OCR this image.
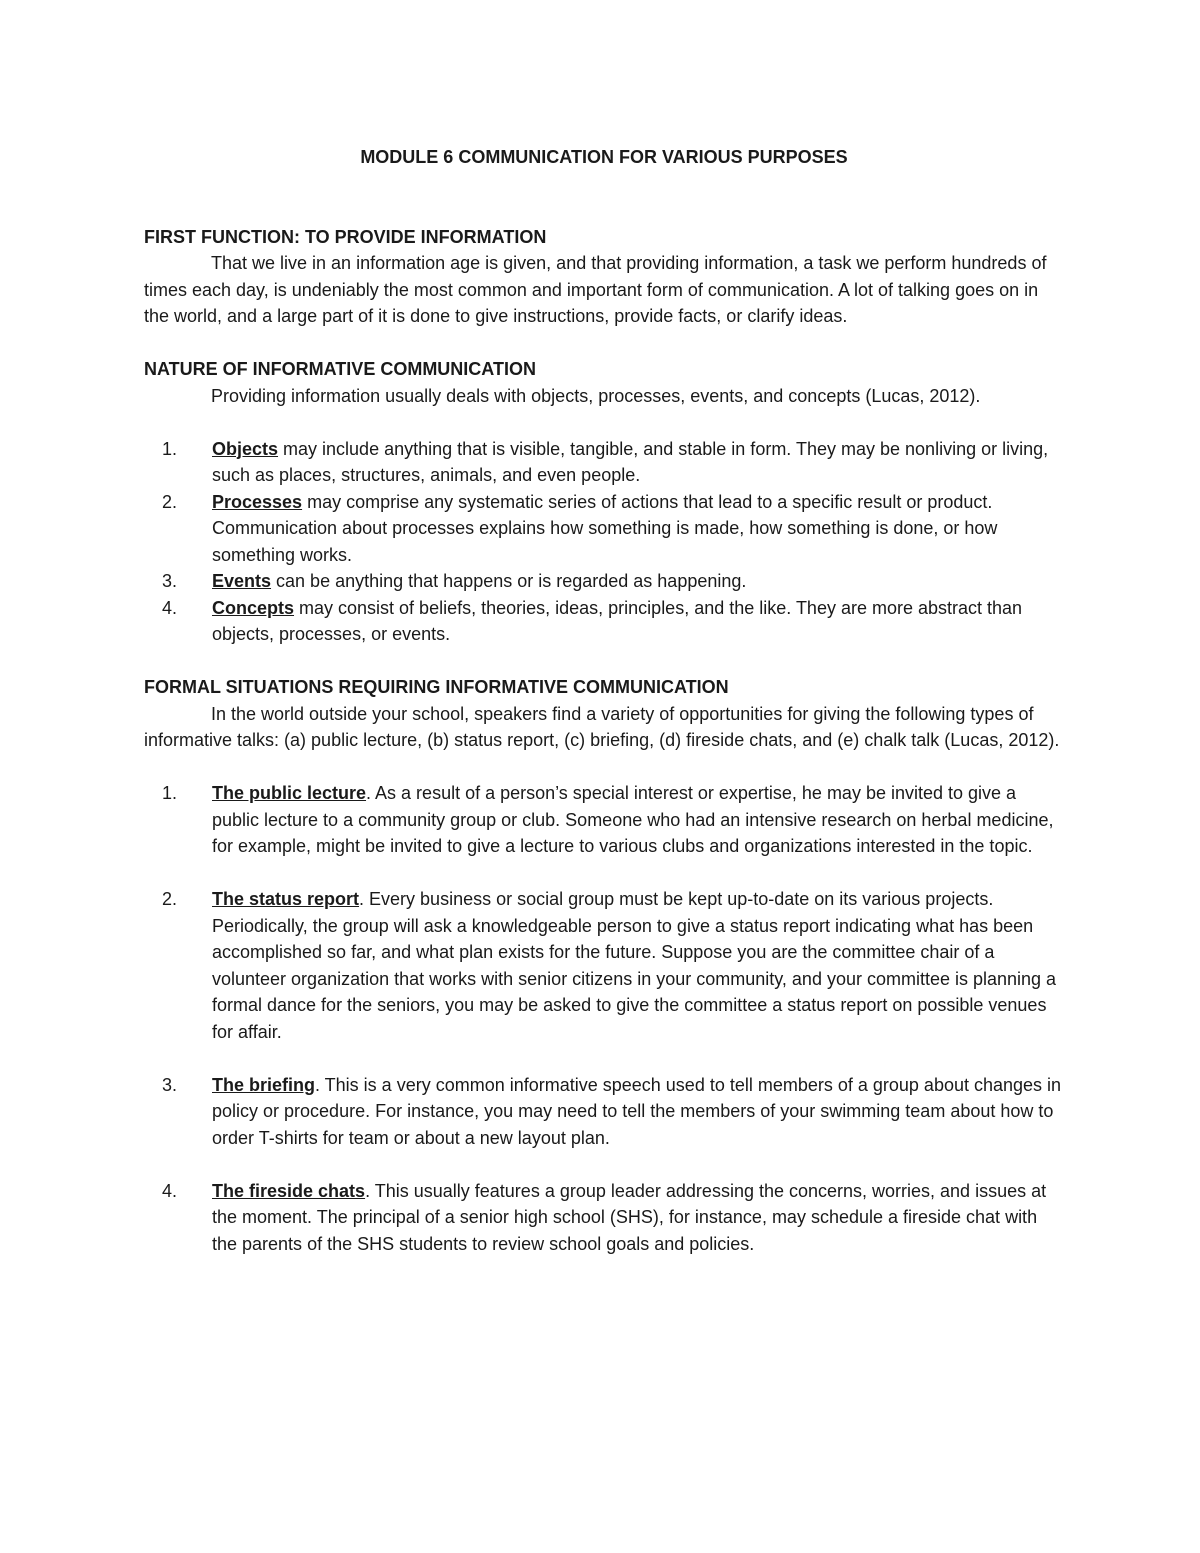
MODULE 6 COMMUNICATION FOR VARIOUS PURPOSES

FIRST FUNCTION: TO PROVIDE INFORMATION

That we live in an information age is given, and that providing information, a task we perform hundreds of times each day, is undeniably the most common and important form of communication. A lot of talking goes on in the world, and a large part of it is done to give instructions, provide facts, or clarify ideas.

NATURE OF INFORMATIVE COMMUNICATION

Providing information usually deals with objects, processes, events, and concepts (Lucas, 2012).

1. Objects may include anything that is visible, tangible, and stable in form. They may be nonliving or living, such as places, structures, animals, and even people.
2. Processes may comprise any systematic series of actions that lead to a specific result or product. Communication about processes explains how something is made, how something is done, or how something works.
3. Events can be anything that happens or is regarded as happening.
4. Concepts may consist of beliefs, theories, ideas, principles, and the like. They are more abstract than objects, processes, or events.

FORMAL SITUATIONS REQUIRING INFORMATIVE COMMUNICATION

In the world outside your school, speakers find a variety of opportunities for giving the following types of informative talks: (a) public lecture, (b) status report, (c) briefing, (d) fireside chats, and (e) chalk talk (Lucas, 2012).

1. The public lecture. As a result of a person’s special interest or expertise, he may be invited to give a public lecture to a community group or club. Someone who had an intensive research on herbal medicine, for example, might be invited to give a lecture to various clubs and organizations interested in the topic.
2. The status report. Every business or social group must be kept up-to-date on its various projects. Periodically, the group will ask a knowledgeable person to give a status report indicating what has been accomplished so far, and what plan exists for the future. Suppose you are the committee chair of a volunteer organization that works with senior citizens in your community, and your committee is planning a formal dance for the seniors, you may be asked to give the committee a status report on possible venues for affair.
3. The briefing. This is a very common informative speech used to tell members of a group about changes in policy or procedure. For instance, you may need to tell the members of your swimming team about how to order T-shirts for team or about a new layout plan.
4. The fireside chats. This usually features a group leader addressing the concerns, worries, and issues at the moment. The principal of a senior high school (SHS), for instance, may schedule a fireside chat with the parents of the SHS students to review school goals and policies.
